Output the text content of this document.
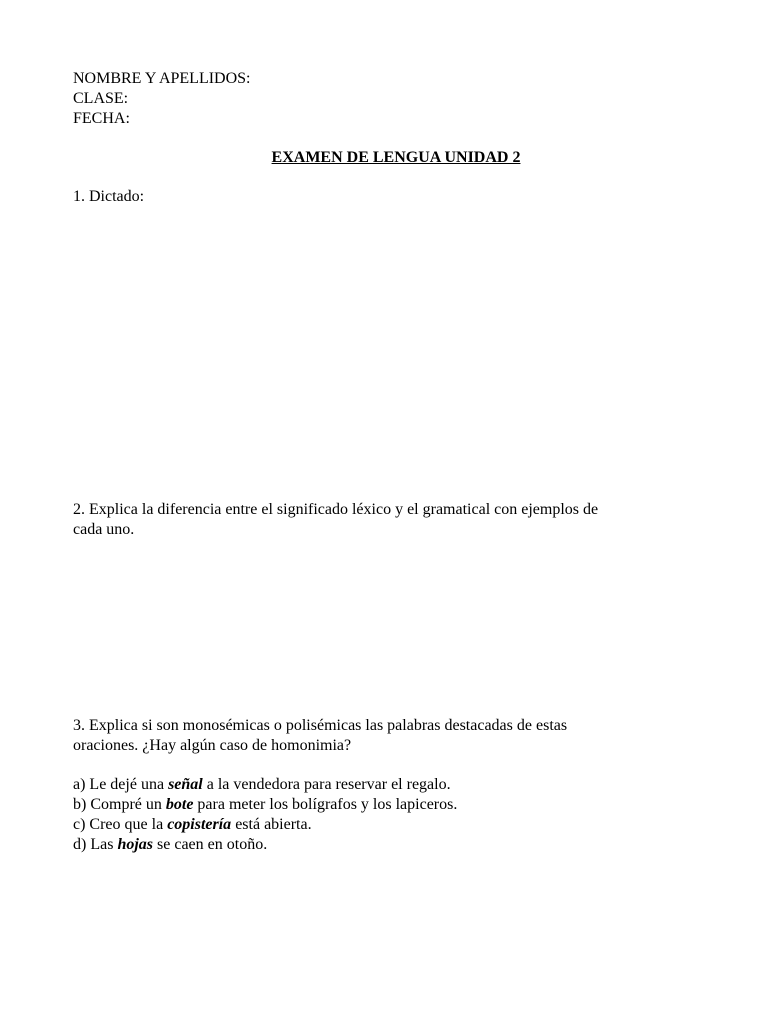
NOMBRE Y APELLIDOS:
CLASE:
FECHA:
EXAMEN DE LENGUA UNIDAD 2
1. Dictado:
2. Explica la diferencia entre el significado léxico y el gramatical con ejemplos de
cada uno.
3. Explica si son monosémicas o polisémicas las palabras destacadas de estas
oraciones. ¿Hay algún caso de homonimia?
a) Le dejé una señal a la vendedora para reservar el regalo.
b) Compré un bote para meter los bolígrafos y los lapiceros.
c) Creo que la copistería está abierta.
d) Las hojas se caen en otoño.
